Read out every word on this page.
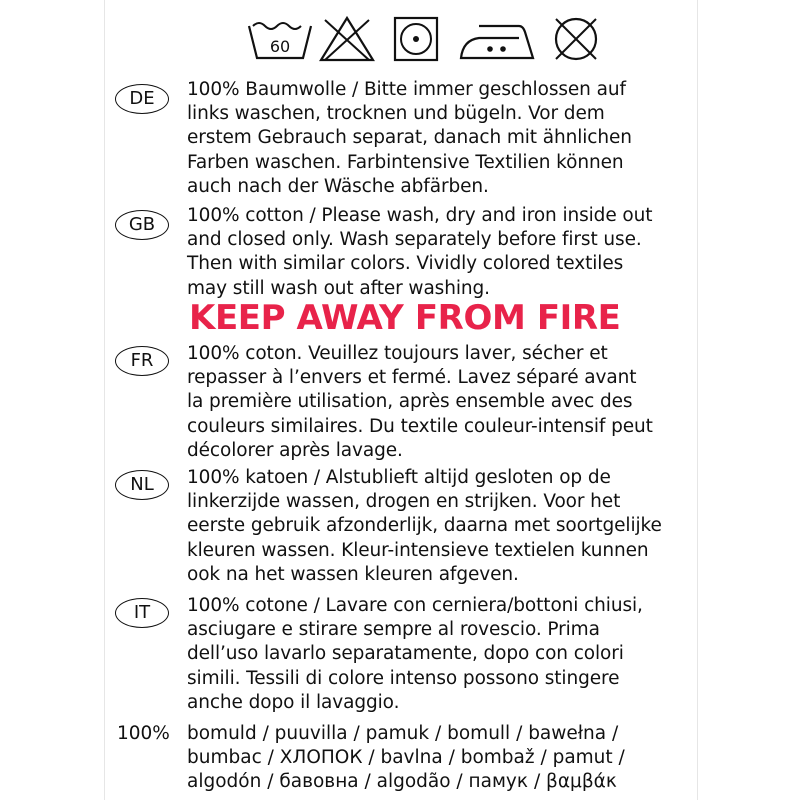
60
DE	100% Baumwolle / Bitte immer geschlossen auf
links waschen, trocknen und bügeln. Vor dem
erstem Gebrauch separat, danach mit ähnlichen
Farben waschen. Farbintensive Textilien können
auch nach der Wäsche abfärben.
GB	100% cotton / Please wash, dry and iron inside out
and closed only. Wash separately before first use.
Then with similar colors. Vividly colored textiles
may still wash out after washing.
KEEP AWAY FROM FIRE
FR	100% coton. Veuillez toujours laver, sécher et
repasser à l’envers et fermé. Lavez séparé avant
la première utilisation, après ensemble avec des
couleurs similaires. Du textile couleur-intensif peut
décolorer après lavage.
NL	100% katoen / Alstublieft altijd gesloten op de
linkerzijde wassen, drogen en strijken. Voor het
eerste gebruik afzonderlijk, daarna met soortgelijke
kleuren wassen. Kleur-intensieve textielen kunnen
ook na het wassen kleuren afgeven.
IT	100% cotone / Lavare con cerniera/bottoni chiusi,
asciugare e stirare sempre al rovescio. Prima
dell’uso lavarlo separatamente, dopo con colori
simili. Tessili di colore intenso possono stingere
anche dopo il lavaggio.
100% bomuld / puuvilla / pamuk / bomull / bawełna /
bumbac / ХЛОПОК / bavlna / bombaž / pamut /
algodón / бавовна / algodão / памук / βαμβάκ
